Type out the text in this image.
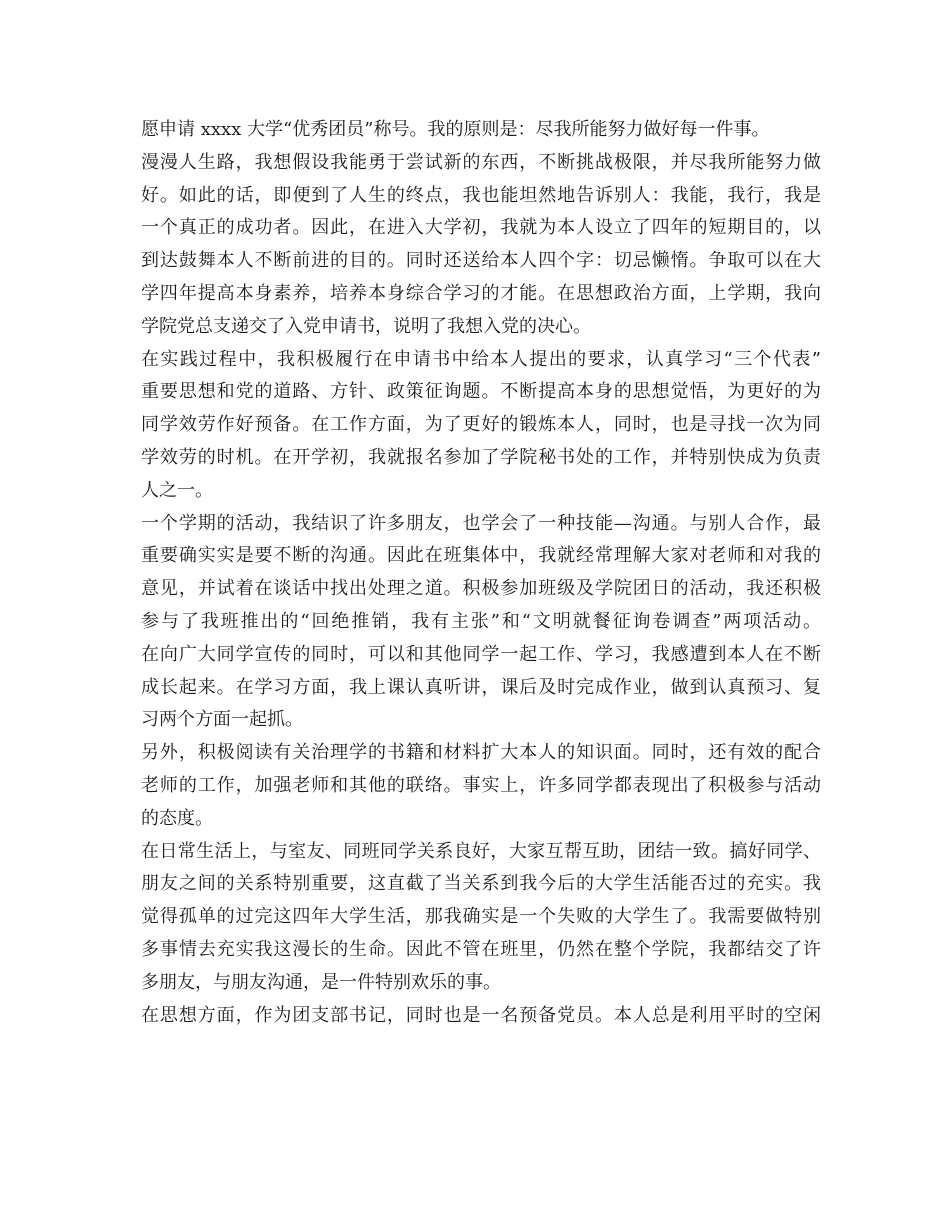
愿申请 xxxx 大学“优秀团员”称号。我的原则是：尽我所能努力做好每一件事。
漫漫人生路，我想假设我能勇于尝试新的东西，不断挑战极限，并尽我所能努力做
好。如此的话，即便到了人生的终点，我也能坦然地告诉别人：我能，我行，我是
一个真正的成功者。因此，在进入大学初，我就为本人设立了四年的短期目的，以
到达鼓舞本人不断前进的目的。同时还送给本人四个字：切忌懒惰。争取可以在大
学四年提高本身素养，培养本身综合学习的才能。在思想政治方面，上学期，我向
学院党总支递交了入党申请书，说明了我想入党的决心。
在实践过程中，我积极履行在申请书中给本人提出的要求，认真学习“三个代表”
重要思想和党的道路、方针、政策征询题。不断提高本身的思想觉悟，为更好的为
同学效劳作好预备。在工作方面，为了更好的锻炼本人，同时，也是寻找一次为同
学效劳的时机。在开学初，我就报名参加了学院秘书处的工作，并特别快成为负责
人之一。
一个学期的活动，我结识了许多朋友，也学会了一种技能—沟通。与别人合作，最
重要确实实是要不断的沟通。因此在班集体中，我就经常理解大家对老师和对我的
意见，并试着在谈话中找出处理之道。积极参加班级及学院团日的活动，我还积极
参与了我班推出的“回绝推销，我有主张”和“文明就餐征询卷调查”两项活动。
在向广大同学宣传的同时，可以和其他同学一起工作、学习，我感遭到本人在不断
成长起来。在学习方面，我上课认真听讲，课后及时完成作业，做到认真预习、复
习两个方面一起抓。
另外，积极阅读有关治理学的书籍和材料扩大本人的知识面。同时，还有效的配合
老师的工作，加强老师和其他的联络。事实上，许多同学都表现出了积极参与活动
的态度。
在日常生活上，与室友、同班同学关系良好，大家互帮互助，团结一致。搞好同学、
朋友之间的关系特别重要，这直截了当关系到我今后的大学生活能否过的充实。我
觉得孤单的过完这四年大学生活，那我确实是一个失败的大学生了。我需要做特别
多事情去充实我这漫长的生命。因此不管在班里，仍然在整个学院，我都结交了许
多朋友，与朋友沟通，是一件特别欢乐的事。
在思想方面，作为团支部书记，同时也是一名预备党员。本人总是利用平时的空闲
